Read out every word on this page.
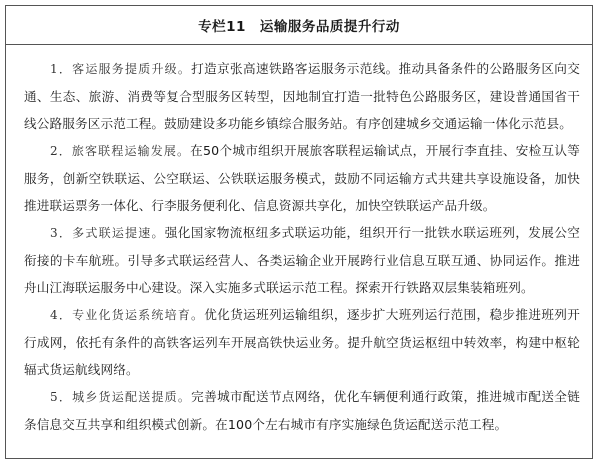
专栏11 运输服务品质提升行动

1．客运服务提质升级。打造京张高速铁路客运服务示范线。推动具备条件的公路服务区向交通、生态、旅游、消费等复合型服务区转型，因地制宜打造一批特色公路服务区，建设普通国省干线公路服务区示范工程。鼓励建设多功能乡镇综合服务站。有序创建城乡交通运输一体化示范县。

2．旅客联程运输发展。在50个城市组织开展旅客联程运输试点，开展行李直挂、安检互认等服务，创新空铁联运、公空联运、公铁联运服务模式，鼓励不同运输方式共建共享设施设备，加快推进联运票务一体化、行李服务便利化、信息资源共享化，加快空铁联运产品升级。

3．多式联运提速。强化国家物流枢纽多式联运功能，组织开行一批铁水联运班列，发展公空衔接的卡车航班。引导多式联运经营人、各类运输企业开展跨行业信息互联互通、协同运作。推进舟山江海联运服务中心建设。深入实施多式联运示范工程。探索开行铁路双层集装箱班列。

4．专业化货运系统培育。优化货运班列运输组织，逐步扩大班列运行范围，稳步推进班列开行成网，依托有条件的高铁客运列车开展高铁快运业务。提升航空货运枢纽中转效率，构建中枢轮辐式货运航线网络。

5．城乡货运配送提质。完善城市配送节点网络，优化车辆便利通行政策，推进城市配送全链条信息交互共享和组织模式创新。在100个左右城市有序实施绿色货运配送示范工程。
